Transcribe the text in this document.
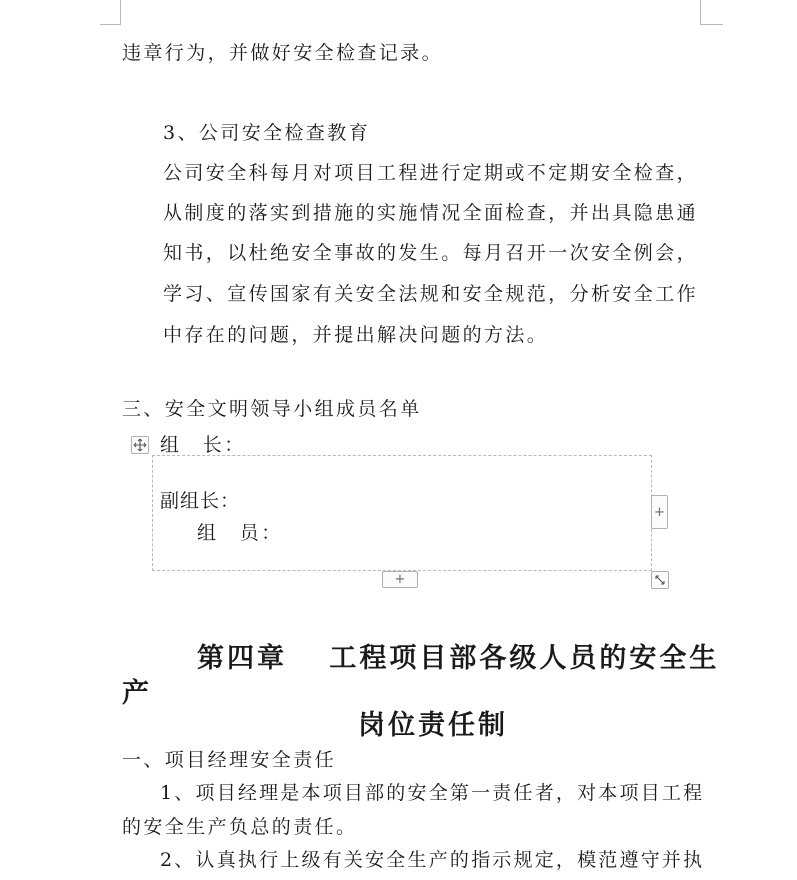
违章行为，并做好安全检查记录。
3、公司安全检查教育
公司安全科每月对项目工程进行定期或不定期安全检查，
从制度的落实到措施的实施情况全面检查，并出具隐患通
知书，以杜绝安全事故的发生。每月召开一次安全例会，
学习、宣传国家有关安全法规和安全规范，分析安全工作
中存在的问题，并提出解决问题的方法。
三、安全文明领导小组成员名单
组　长：
副组长：
组　员：
+
+
第四章　 工程项目部各级人员的安全生
产
岗位责任制
一、项目经理安全责任
1、项目经理是本项目部的安全第一责任者，对本项目工程
的安全生产负总的责任。
2、认真执行上级有关安全生产的指示规定，模范遵守并执
